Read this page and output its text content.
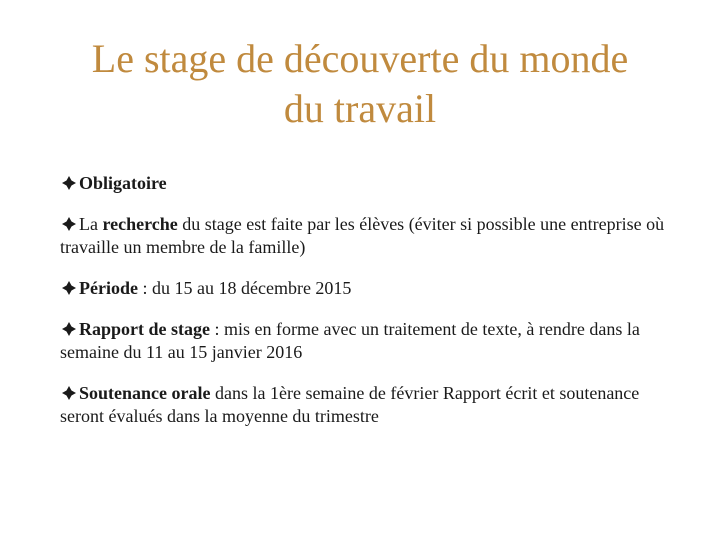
Le stage de découverte du monde
du travail
Obligatoire
La recherche du stage est faite par les élèves (éviter si possible une entreprise où travaille un membre de la famille)
Période : du 15 au 18 décembre 2015
Rapport de stage : mis en forme avec un traitement de texte, à rendre dans la semaine du 11 au 15 janvier 2016
Soutenance orale dans la 1ère semaine de février Rapport écrit et soutenance seront évalués dans la moyenne du trimestre
